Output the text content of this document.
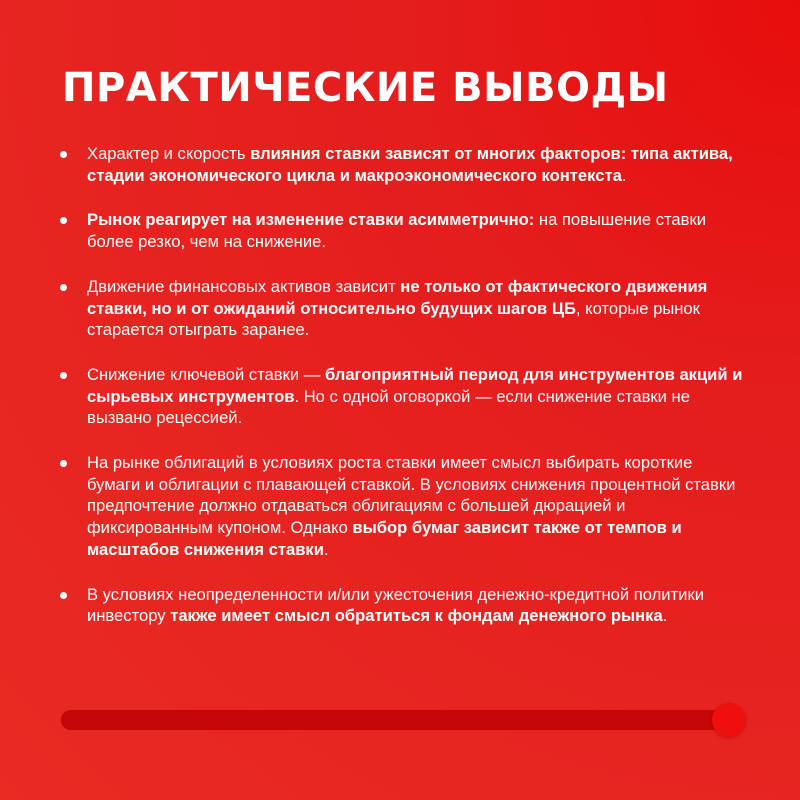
ПРАКТИЧЕСКИЕ ВЫВОДЫ
Характер и скорость влияния ставки зависят от многих факторов: типа актива, стадии экономического цикла и макроэкономического контекста.
Рынок реагирует на изменение ставки асимметрично: на повышение ставки более резко, чем на снижение.
Движение финансовых активов зависит не только от фактического движения ставки, но и от ожиданий относительно будущих шагов ЦБ, которые рынок старается отыграть заранее.
Снижение ключевой ставки — благоприятный период для инструментов акций и сырьевых инструментов. Но с одной оговоркой — если снижение ставки не вызвано рецессией.
На рынке облигаций в условиях роста ставки имеет смысл выбирать короткие бумаги и облигации с плавающей ставкой. В условиях снижения процентной ставки предпочтение должно отдаваться облигациям с большей дюрацией и фиксированным купоном. Однако выбор бумаг зависит также от темпов и масштабов снижения ставки.
В условиях неопределенности и/или ужесточения денежно-кредитной политики инвестору также имеет смысл обратиться к фондам денежного рынка.
